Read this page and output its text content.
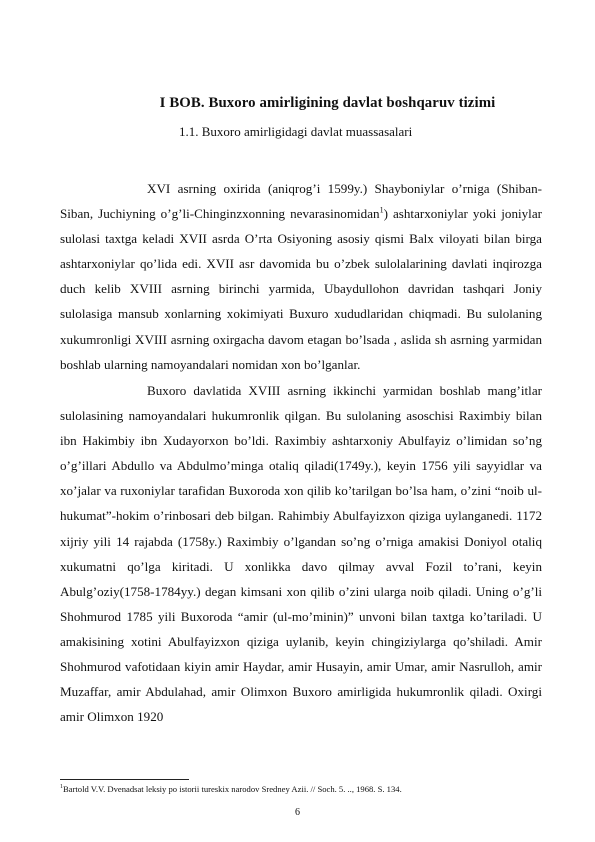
I BOB. Buxoro amirligining davlat boshqaruv tizimi
1.1. Buxoro amirligidagi davlat muassasalari

XVI asrning oxirida (aniqrog’i 1599y.) Shayboniylar o’rniga (Shiban-Siban, Juchiyning o’g’li-Chinginzxonning nevarasinomidan$^1$) ashtarxoniylar yoki joniylar sulolasi taxtga keladi XVII asrda O’rta Osiyoning asosiy qismi Balx viloyati bilan birga ashtarxoniylar qo’lida edi. XVII asr davomida bu o’zbek sulolalarining davlati inqirozga duch kelib XVIII asrning birinchi yarmida, Ubaydullohon davridan tashqari Joniy sulolasiga mansub xonlarning xokimiyati Buxuro xududlaridan chiqmadi. Bu sulolaning xukumronligi XVIII asrning oxirgacha davom etagan bo’lsada , aslida sh asrning yarmidan boshlab ularning namoyandalari nomidan xon bo’lganlar.

Buxoro davlatida XVIII asrning ikkinchi yarmidan boshlab mang’itlar sulolasining namoyandalari hukumronlik qilgan. Bu sulolaning asoschisi Raximbiy bilan ibn Hakimbiy ibn Xudayorxon bo’ldi. Raximbiy ashtarxoniy Abulfayiz o’limidan so’ng o’g’illari Abdullo va Abdulmo’minga otaliq qiladi(1749y.), keyin 1756 yili sayyidlar va xo’jalar va ruxoniylar tarafidan Buxoroda xon qilib ko’tarilgan bo’lsa ham, o’zini “noib ul-hukumat”-hokim o’rinbosari deb bilgan. Rahimbiy Abulfayizxon qiziga uylanganedi. 1172 xijriy yili 14 rajabda (1758y.) Raximbiy o’lgandan so’ng o’rniga amakisi Doniyol otaliq xukumatni qo’lga kiritadi. U xonlikka davo qilmay avval Fozil to’rani, keyin Abulg’oziy(1758-1784yy.) degan kimsani xon qilib o’zini ularga noib qiladi. Uning o’g’li Shohmurod 1785 yili Buxoroda “amir (ul-mo’minin)” unvoni bilan taxtga ko’tariladi. U amakisining xotini Abulfayizxon qiziga uylanib, keyin chingiziylarga qo’shiladi. Amir Shohmurod vafotidaan kiyin amir Haydar, amir Husayin, amir Umar, amir Nasrulloh, amir Muzaffar, amir Abdulahad, amir Olimxon Buxoro amirligida hukumronlik qiladi. Oxirgi amir Olimxon 1920

$^1$Bartold V.V. Dvenadsat leksiy po istorii tureskix narodov Sredney Azii. // Soch. 5. .., 1968. S. 134.
6
